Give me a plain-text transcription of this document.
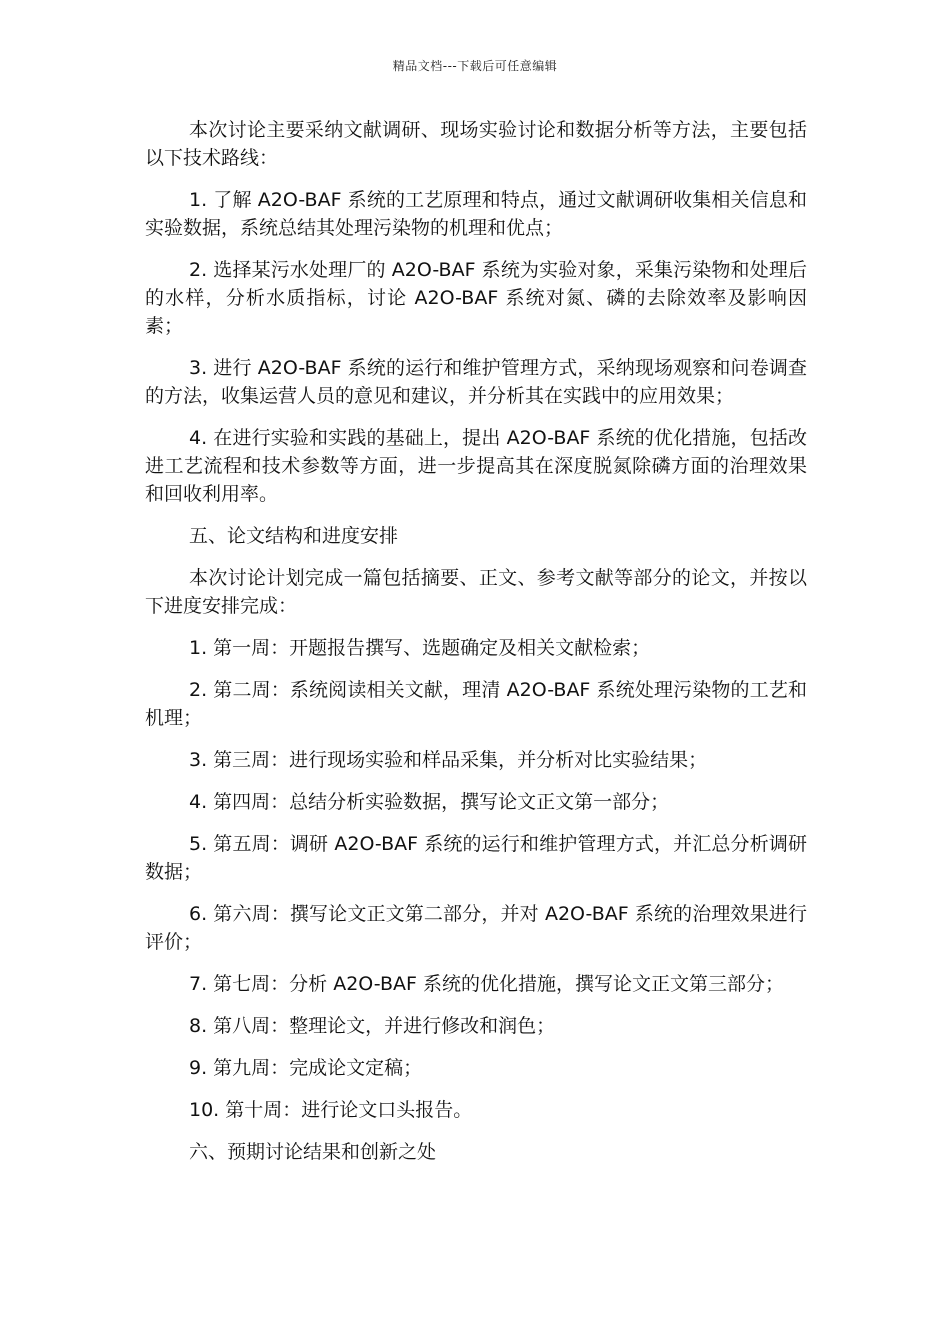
精品文档---下载后可任意编辑

本次讨论主要采纳文献调研、现场实验讨论和数据分析等方法，主要包括以下技术路线：

1. 了解 A2O-BAF 系统的工艺原理和特点，通过文献调研收集相关信息和实验数据，系统总结其处理污染物的机理和优点；

2. 选择某污水处理厂的 A2O-BAF 系统为实验对象，采集污染物和处理后的水样，分析水质指标，讨论 A2O-BAF 系统对氮、磷的去除效率及影响因素；

3. 进行 A2O-BAF 系统的运行和维护管理方式，采纳现场观察和问卷调查的方法，收集运营人员的意见和建议，并分析其在实践中的应用效果；

4. 在进行实验和实践的基础上，提出 A2O-BAF 系统的优化措施，包括改进工艺流程和技术参数等方面，进一步提高其在深度脱氮除磷方面的治理效果和回收利用率。

五、论文结构和进度安排

本次讨论计划完成一篇包括摘要、正文、参考文献等部分的论文，并按以下进度安排完成：

1. 第一周：开题报告撰写、选题确定及相关文献检索；

2. 第二周：系统阅读相关文献，理清 A2O-BAF 系统处理污染物的工艺和机理；

3. 第三周：进行现场实验和样品采集，并分析对比实验结果；

4. 第四周：总结分析实验数据，撰写论文正文第一部分；

5. 第五周：调研 A2O-BAF 系统的运行和维护管理方式，并汇总分析调研数据；

6. 第六周：撰写论文正文第二部分，并对 A2O-BAF 系统的治理效果进行评价；

7. 第七周：分析 A2O-BAF 系统的优化措施，撰写论文正文第三部分；

8. 第八周：整理论文，并进行修改和润色；

9. 第九周：完成论文定稿；

10. 第十周：进行论文口头报告。

六、预期讨论结果和创新之处
